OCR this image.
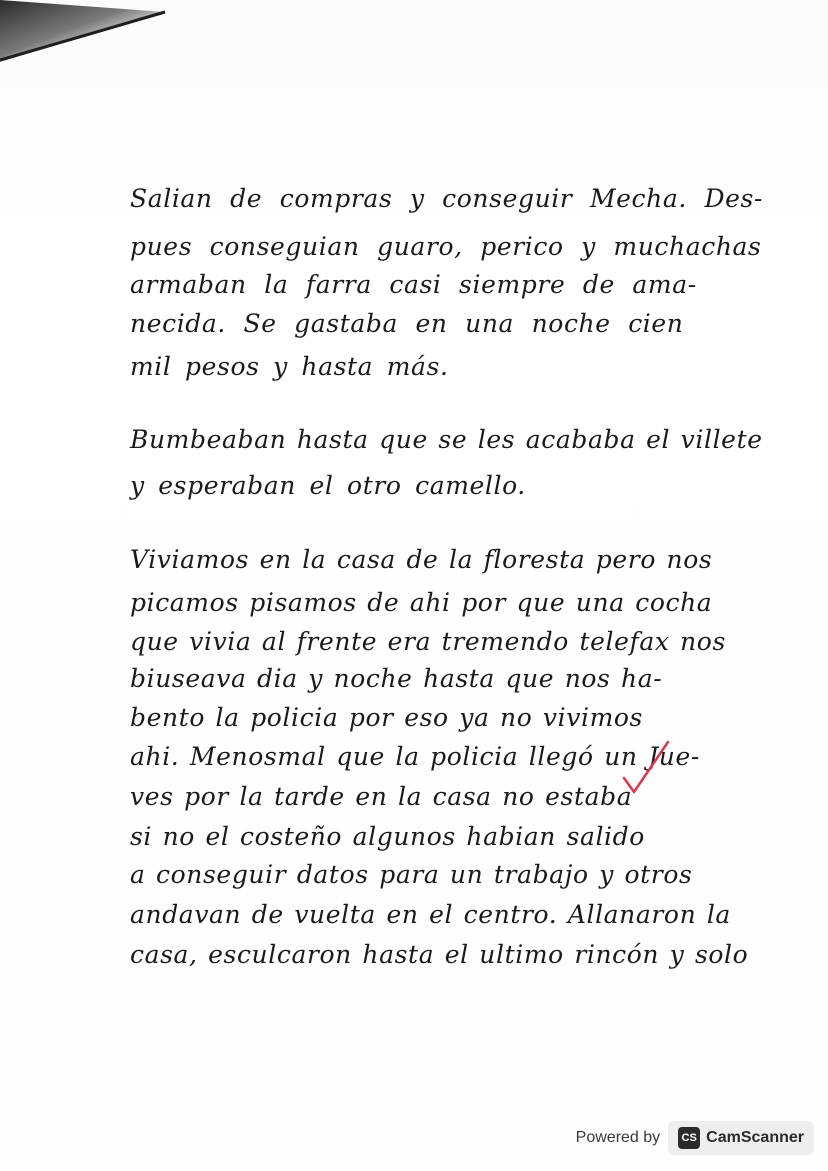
Salian de compras y conseguir Mecha. Des-

pues conseguian guaro, perico y muchachas

armaban la farra casi siempre de ama-

necida. Se gastaba en una noche cien

mil pesos y hasta más.

Bumbeaban hasta que se les acababa el villete

y esperaban el otro camello.

Viviamos en la casa de la floresta pero nos

picamos pisamos de ahi por que una cocha

que vivia al frente era tremendo telefax nos

biuseava dia y noche hasta que nos ha-

bento la policia por eso ya no vivimos

ahi. Menosmal que la policia llegó un Jue-

ves por la tarde en la casa no estaba

si no el costeño algunos habian salido

a conseguir datos para un trabajo y otros

andavan de vuelta en el centro. Allanaron la

casa, esculcaron hasta el ultimo rincón y solo

Powered by	CS CamScanner
